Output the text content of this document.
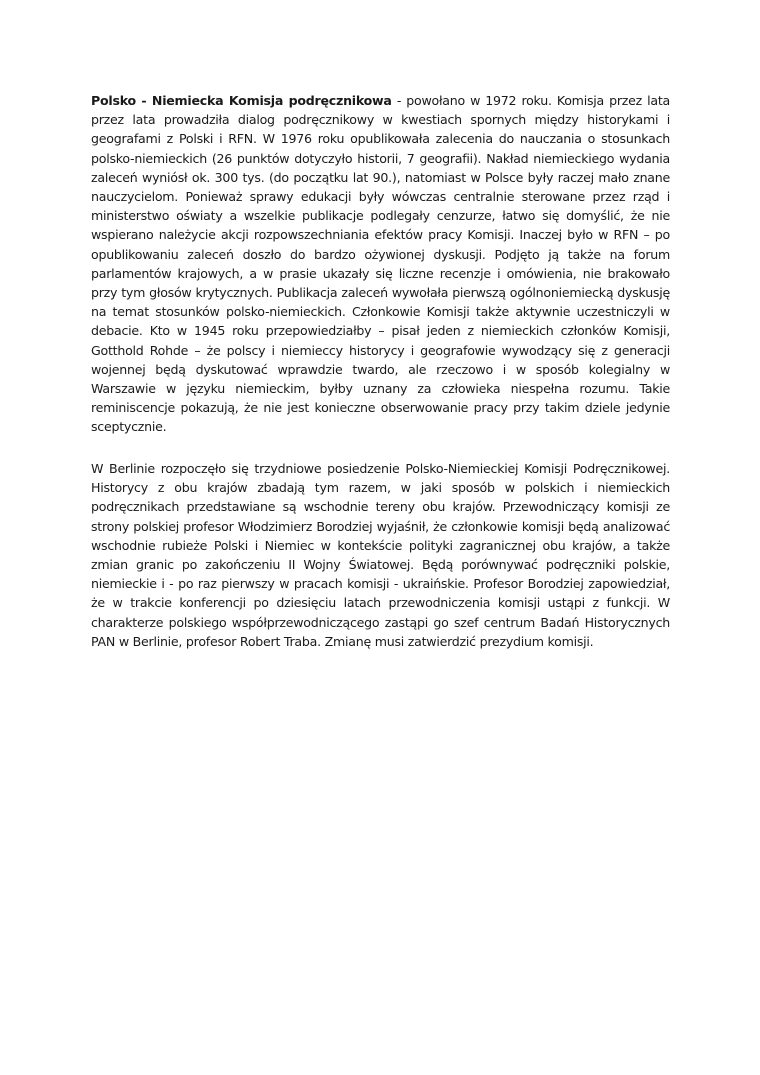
Polsko - Niemiecka Komisja podręcznikowa - powołano w 1972 roku. Komisja przez lata przez lata prowadziła dialog podręcznikowy w kwestiach spornych między historykami i geografami z Polski i RFN. W 1976 roku opublikowała zalecenia do nauczania o stosunkach polsko-niemieckich (26 punktów dotyczyło historii, 7 geografii). Nakład niemieckiego wydania zaleceń wyniósł ok. 300 tys. (do początku lat 90.), natomiast w Polsce były raczej mało znane nauczycielom. Ponieważ sprawy edukacji były wówczas centralnie sterowane przez rząd i ministerstwo oświaty a wszelkie publikacje podlegały cenzurze, łatwo się domyślić, że nie wspierano należycie akcji rozpowszechniania efektów pracy Komisji. Inaczej było w RFN – po opublikowaniu zaleceń doszło do bardzo ożywionej dyskusji. Podjęto ją także na forum parlamentów krajowych, a w prasie ukazały się liczne recenzje i omówienia, nie brakowało przy tym głosów krytycznych. Publikacja zaleceń wywołała pierwszą ogólnoniemiecką dyskusję na temat stosunków polsko-niemieckich. Członkowie Komisji także aktywnie uczestniczyli w debacie. Kto w 1945 roku przepowiedziałby – pisał jeden z niemieckich członków Komisji, Gotthold Rohde – że polscy i niemieccy historycy i geografowie wywodzący się z generacji wojennej będą dyskutować wprawdzie twardo, ale rzeczowo i w sposób kolegialny w Warszawie w języku niemieckim, byłby uznany za człowieka niespełna rozumu. Takie reminiscencje pokazują, że nie jest konieczne obserwowanie pracy przy takim dziele jedynie sceptycznie.

W Berlinie rozpoczęło się trzydniowe posiedzenie Polsko-Niemieckiej Komisji Podręcznikowej. Historycy z obu krajów zbadają tym razem, w jaki sposób w polskich i niemieckich podręcznikach przedstawiane są wschodnie tereny obu krajów. Przewodniczący komisji ze strony polskiej profesor Włodzimierz Borodziej wyjaśnił, że członkowie komisji będą analizować wschodnie rubieże Polski i Niemiec w kontekście polityki zagranicznej obu krajów, a także zmian granic po zakończeniu II Wojny Światowej. Będą porównywać podręczniki polskie, niemieckie i - po raz pierwszy w pracach komisji - ukraińskie. Profesor Borodziej zapowiedział, że w trakcie konferencji po dziesięciu latach przewodniczenia komisji ustąpi z funkcji. W charakterze polskiego współprzewodniczącego zastąpi go szef centrum Badań Historycznych PAN w Berlinie, profesor Robert Traba. Zmianę musi zatwierdzić prezydium komisji.
